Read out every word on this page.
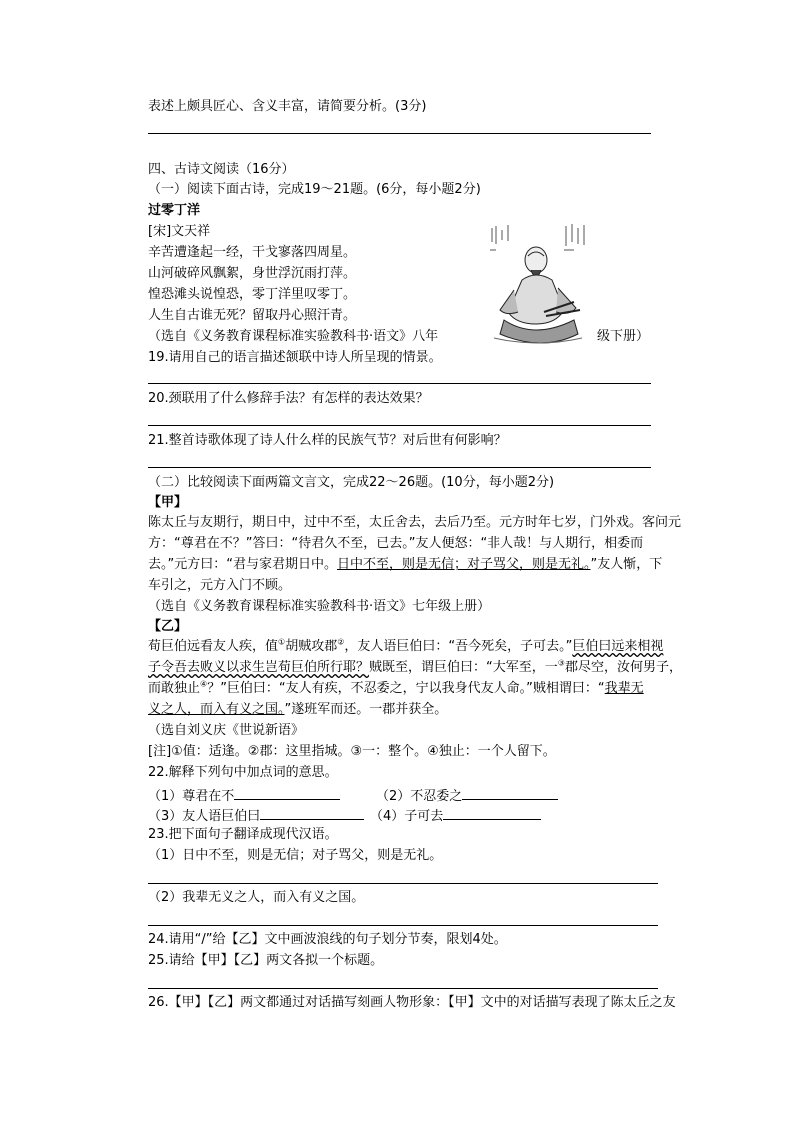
表述上颇具匠心、含义丰富，请简要分析。(3分)
四、古诗文阅读（16分）
（一）阅读下面古诗，完成19～21题。(6分，每小题2分)
过零丁洋
[宋]文天祥
辛苦遭逢起一经，干戈寥落四周星。
山河破碎风飘絮，身世浮沉雨打萍。
惶恐滩头说惶恐，零丁洋里叹零丁。
人生自古谁无死？留取丹心照汗青。
（选自《义务教育课程标准实验教科书·语文》八年	级下册）
19.请用自己的语言描述颔联中诗人所呈现的情景。
20.颈联用了什么修辞手法？有怎样的表达效果？
21.整首诗歌体现了诗人什么样的民族气节？对后世有何影响？
（二）比较阅读下面两篇文言文，完成22～26题。(10分，每小题2分)
【甲】
陈太丘与友期行，期日中，过中不至，太丘舍去，去后乃至。元方时年七岁，门外戏。客问元
方：“尊君在不？”答曰：“待君久不至，已去。”友人便怒：“非人哉！与人期行，相委而
去。”元方曰：“君与家君期日中。日中不至，则是无信；对子骂父，则是无礼。”友人惭，下
车引之，元方入门不顾。
（选自《义务教育课程标准实验教科书·语文》七年级上册）
【乙】
荀巨伯远看友人疾，值①胡贼攻郡②，友人语巨伯曰：“吾今死矣，子可去。”巨伯曰远来相视
子令吾去败义以求生岂荀巨伯所行耶？贼既至，谓巨伯曰：“大军至，一③郡尽空，汝何男子，
而敢独止④？”巨伯曰：“友人有疾，不忍委之，宁以我身代友人命。”贼相谓曰：“我辈无
义之人，而入有义之国。”遂班军而还。一郡并获全。
（选自刘义庆《世说新语》
[注]①值：适逢。②郡：这里指城。③一：整个。④独止：一个人留下。
22.解释下列句中加点词的意思。
（1）尊君在不	（2）不忍委之
（3）友人语巨伯曰	（4）子可去
23.把下面句子翻译成现代汉语。
（1）日中不至，则是无信；对子骂父，则是无礼。
（2）我辈无义之人，而入有义之国。
24.请用“/”给【乙】文中画波浪线的句子划分节奏，限划4处。
25.请给【甲】【乙】两文各拟一个标题。
26.【甲】【乙】两文都通过对话描写刻画人物形象：【甲】文中的对话描写表现了陈太丘之友
